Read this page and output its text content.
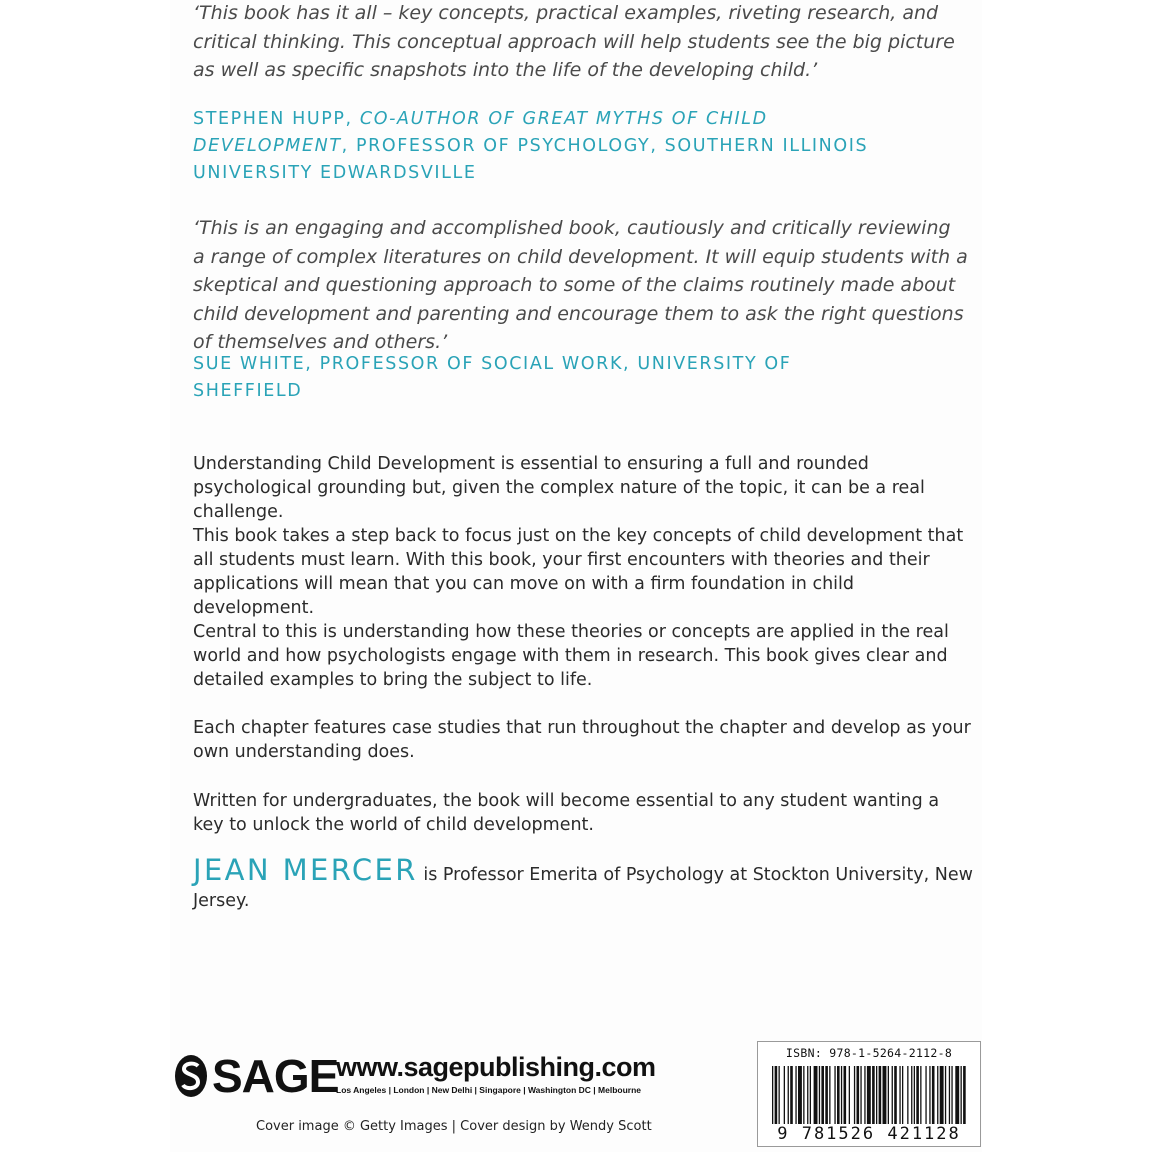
‘This book has it all – key concepts, practical examples, riveting research, and critical thinking. This conceptual approach will help students see the big picture as well as specific snapshots into the life of the developing child.’

STEPHEN HUPP, CO-AUTHOR OF GREAT MYTHS OF CHILD DEVELOPMENT, PROFESSOR OF PSYCHOLOGY, SOUTHERN ILLINOIS UNIVERSITY EDWARDSVILLE

‘This is an engaging and accomplished book, cautiously and critically reviewing a range of complex literatures on child development. It will equip students with a skeptical and questioning approach to some of the claims routinely made about child development and parenting and encourage them to ask the right questions of themselves and others.’

SUE WHITE, PROFESSOR OF SOCIAL WORK, UNIVERSITY OF SHEFFIELD

Understanding Child Development is essential to ensuring a full and rounded psychological grounding but, given the complex nature of the topic, it can be a real challenge.

This book takes a step back to focus just on the key concepts of child development that all students must learn. With this book, your first encounters with theories and their applications will mean that you can move on with a firm foundation in child development.

Central to this is understanding how these theories or concepts are applied in the real world and how psychologists engage with them in research. This book gives clear and detailed examples to bring the subject to life.

Each chapter features case studies that run throughout the chapter and develop as your own understanding does.

Written for undergraduates, the book will become essential to any student wanting a key to unlock the world of child development.

JEAN MERCER is Professor Emerita of Psychology at Stockton University, New Jersey.

SAGE
www.sagepublishing.com
Los Angeles | London | New Delhi | Singapore | Washington DC | Melbourne
Cover image © Getty Images | Cover design by Wendy Scott
ISBN: 978-1-5264-2112-8
9 781526 421128
